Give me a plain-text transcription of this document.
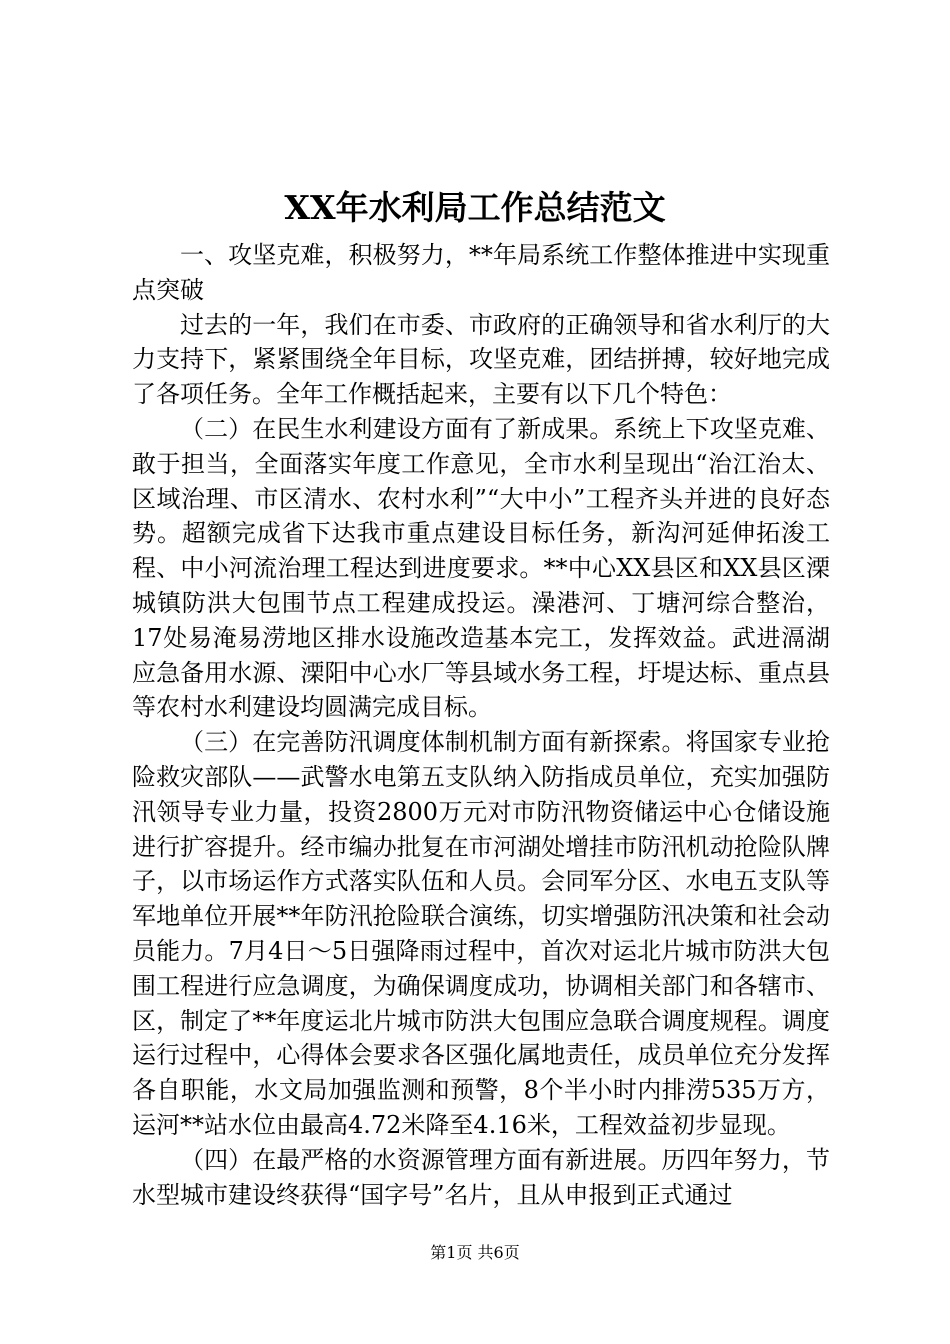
XX年水利局工作总结范文

一、攻坚克难，积极努力，**年局系统工作整体推进中实现重点突破

过去的一年，我们在市委、市政府的正确领导和省水利厅的大力支持下，紧紧围绕全年目标，攻坚克难，团结拼搏，较好地完成了各项任务。全年工作概括起来，主要有以下几个特色：

（二）在民生水利建设方面有了新成果。系统上下攻坚克难、敢于担当，全面落实年度工作意见，全市水利呈现出“治江治太、区域治理、市区清水、农村水利”“大中小”工程齐头并进的良好态势。超额完成省下达我市重点建设目标任务，新沟河延伸拓浚工程、中小河流治理工程达到进度要求。**中心XX县区和XX县区溧城镇防洪大包围节点工程建成投运。澡港河、丁塘河综合整治，17处易淹易涝地区排水设施改造基本完工，发挥效益。武进滆湖应急备用水源、溧阳中心水厂等县域水务工程，圩堤达标、重点县等农村水利建设均圆满完成目标。

（三）在完善防汛调度体制机制方面有新探索。将国家专业抢险救灾部队——武警水电第五支队纳入防指成员单位，充实加强防汛领导专业力量，投资2800万元对市防汛物资储运中心仓储设施进行扩容提升。经市编办批复在市河湖处增挂市防汛机动抢险队牌子，以市场运作方式落实队伍和人员。会同军分区、水电五支队等军地单位开展**年防汛抢险联合演练，切实增强防汛决策和社会动员能力。7月4日～5日强降雨过程中，首次对运北片城市防洪大包围工程进行应急调度，为确保调度成功，协调相关部门和各辖市、区，制定了**年度运北片城市防洪大包围应急联合调度规程。调度运行过程中，心得体会要求各区强化属地责任，成员单位充分发挥各自职能，水文局加强监测和预警，8个半小时内排涝535万方，运河**站水位由最高4.72米降至4.16米，工程效益初步显现。

（四）在最严格的水资源管理方面有新进展。历四年努力，节水型城市建设终获得“国字号”名片，且从申报到正式通过

第1页 共6页
